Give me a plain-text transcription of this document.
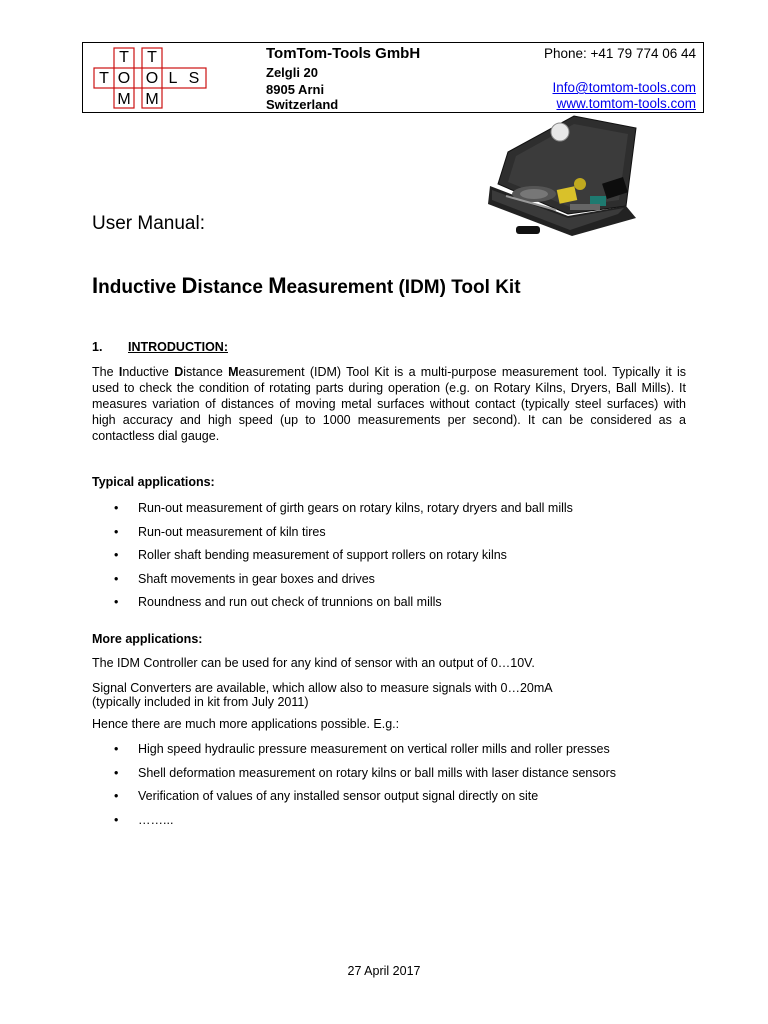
T T
T O O L S
M M
TomTom-Tools GmbH
Zelgli 20
8905 Arni
Switzerland
Phone: +41 79 774 06 44
Info@tomtom-tools.com
www.tomtom-tools.com
User Manual:
Inductive Distance Measurement (IDM) Tool Kit
1. INTRODUCTION:
The Inductive Distance Measurement (IDM) Tool Kit is a multi-purpose measurement tool. Typically it is used to check the condition of rotating parts during operation (e.g. on Rotary Kilns, Dryers, Ball Mills). It measures variation of distances of moving metal surfaces without contact (typically steel surfaces) with high accuracy and high speed (up to 1000 measurements per second). It can be considered as a contactless dial gauge.
Typical applications:
• Run-out measurement of girth gears on rotary kilns, rotary dryers and ball mills
• Run-out measurement of kiln tires
• Roller shaft bending measurement of support rollers on rotary kilns
• Shaft movements in gear boxes and drives
• Roundness and run out check of trunnions on ball mills
More applications:
The IDM Controller can be used for any kind of sensor with an output of 0…10V.
Signal Converters are available, which allow also to measure signals with 0…20mA
(typically included in kit from July 2011)
Hence there are much more applications possible. E.g.:
• High speed hydraulic pressure measurement on vertical roller mills and roller presses
• Shell deformation measurement on rotary kilns or ball mills with laser distance sensors
• Verification of values of any installed sensor output signal directly on site
• ……...
27 April 2017
